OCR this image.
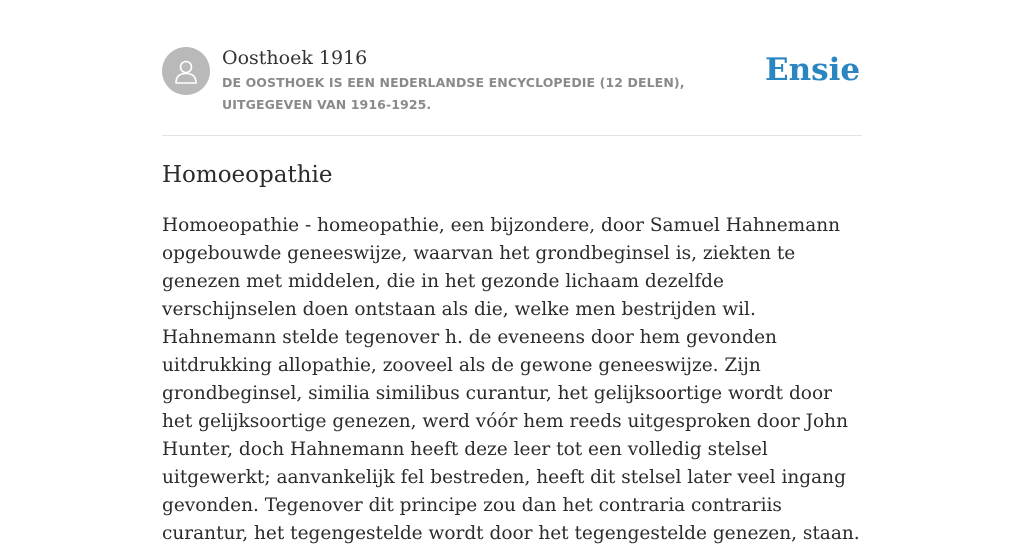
Oosthoek 1916
DE OOSTHOEK IS EEN NEDERLANDSE ENCYCLOPEDIE (12 DELEN), UITGEGEVEN VAN 1916-1925.
Ensie
Homoeopathie

Homoeopathie - homeopathie, een bijzondere, door Samuel Hahnemann opgebouwde geneeswijze, waarvan het grondbeginsel is, ziekten te genezen met middelen, die in het gezonde lichaam dezelfde verschijnselen doen ontstaan als die, welke men bestrijden wil. Hahnemann stelde tegenover h. de eveneens door hem gevonden uitdrukking allopathie, zooveel als de gewone geneeswijze. Zijn grondbeginsel, similia similibus curantur, het gelijksoortige wordt door het gelijksoortige genezen, werd vóór hem reeds uitgesproken door John Hunter, doch Hahnemann heeft deze leer tot een volledig stelsel uitgewerkt; aanvankelijk fel bestreden, heeft dit stelsel later veel ingang gevonden. Tegenover dit principe zou dan het contraria contrariis curantur, het tegengestelde wordt door het tegengestelde genezen, staan.
